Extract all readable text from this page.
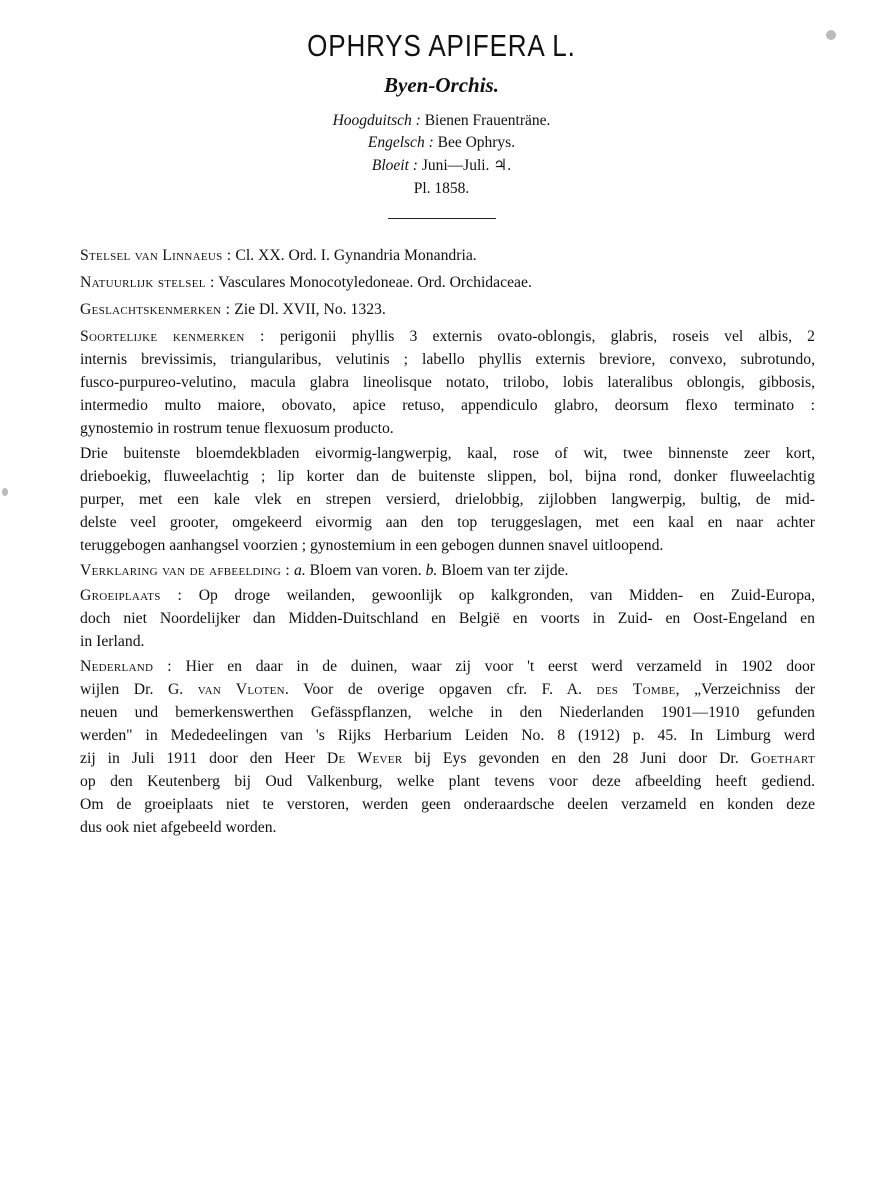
OPHRYS APIFERA L.
Byen-Orchis.
Hoogduitsch : Bienen Frauenträne.
Engelsch : Bee Ophrys.
Bloeit : Juni—Juli. ♃.
Pl. 1858.
Stelsel van Linnaeus : Cl. XX. Ord. I. Gynandria Monandria.
Natuurlijk stelsel : Vasculares Monocotyledoneae. Ord. Orchidaceae.
Geslachtskenmerken : Zie Dl. XVII, No. 1323.
Soortelijke kenmerken : perigonii phyllis 3 externis ovato-oblongis, glabris, roseis vel albis, 2
internis brevissimis, triangularibus, velutinis ; labello phyllis externis breviore, convexo, subrotundo,
fusco-purpureo-velutino, macula glabra lineolisque notato, trilobo, lobis lateralibus oblongis, gibbosis,
intermedio multo maiore, obovato, apice retuso, appendiculo glabro, deorsum flexo terminato :
gynostemio in rostrum tenue flexuosum producto.
Drie buitenste bloemdekbladen eivormig-langwerpig, kaal, rose of wit, twee binnenste zeer kort,
drieboekig, fluweelachtig ; lip korter dan de buitenste slippen, bol, bijna rond, donker fluweelachtig
purper, met een kale vlek en strepen versierd, drielobbig, zijlobben langwerpig, bultig, de mid-
delste veel grooter, omgekeerd eivormig aan den top teruggeslagen, met een kaal en naar achter
teruggebogen aanhangsel voorzien ; gynostemium in een gebogen dunnen snavel uitloopend.
Verklaring van de afbeelding : a. Bloem van voren. b. Bloem van ter zijde.
Groeiplaats : Op droge weilanden, gewoonlijk op kalkgronden, van Midden- en Zuid-Europa,
doch niet Noordelijker dan Midden-Duitschland en België en voorts in Zuid- en Oost-Engeland en
in Ierland.
Nederland : Hier en daar in de duinen, waar zij voor 't eerst werd verzameld in 1902 door
wijlen Dr. G. van Vloten. Voor de overige opgaven cfr. F. A. des Tombe, „Verzeichniss der
neuen und bemerkenswerthen Gefässpflanzen, welche in den Niederlanden 1901—1910 gefunden
werden" in Mededeelingen van 's Rijks Herbarium Leiden No. 8 (1912) p. 45. In Limburg werd
zij in Juli 1911 door den Heer De Wever bij Eys gevonden en den 28 Juni door Dr. Goethart
op den Keutenberg bij Oud Valkenburg, welke plant tevens voor deze afbeelding heeft gediend.
Om de groeiplaats niet te verstoren, werden geen onderaardsche deelen verzameld en konden deze
dus ook niet afgebeeld worden.
